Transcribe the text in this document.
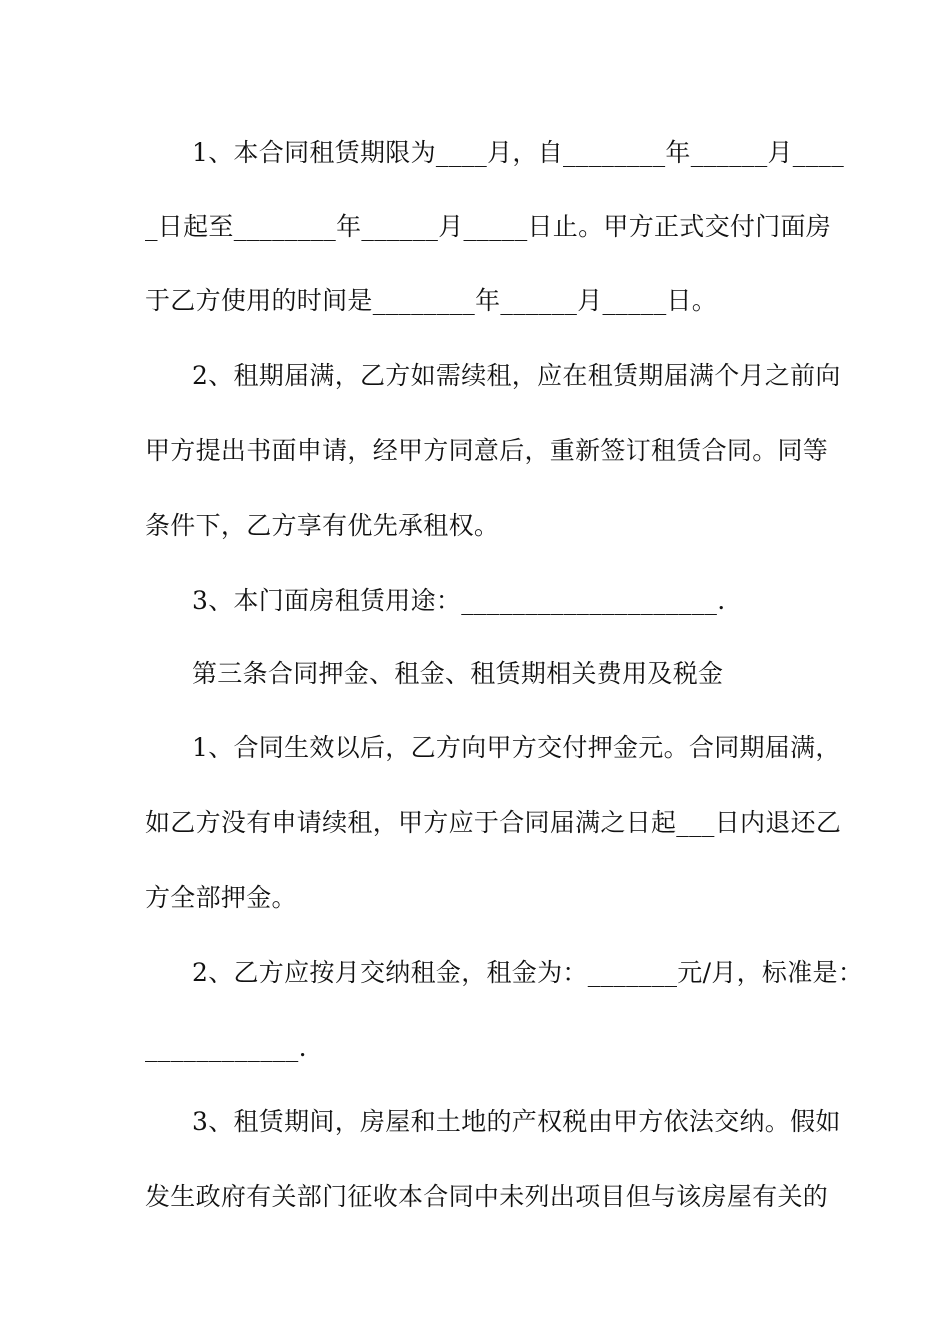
1、本合同租赁期限为____月，自________年______月____
_日起至________年______月_____日止。甲方正式交付门面房
于乙方使用的时间是________年______月_____日。
2、租期届满，乙方如需续租，应在租赁期届满个月之前向
甲方提出书面申请，经甲方同意后，重新签订租赁合同。同等
条件下，乙方享有优先承租权。
3、本门面房租赁用途：____________________.
第三条合同押金、租金、租赁期相关费用及税金
1、合同生效以后，乙方向甲方交付押金元。合同期届满，
如乙方没有申请续租，甲方应于合同届满之日起___日内退还乙
方全部押金。
2、乙方应按月交纳租金，租金为：_______元/月，标准是：
____________.
3、租赁期间，房屋和土地的产权税由甲方依法交纳。假如
发生政府有关部门征收本合同中未列出项目但与该房屋有关的
